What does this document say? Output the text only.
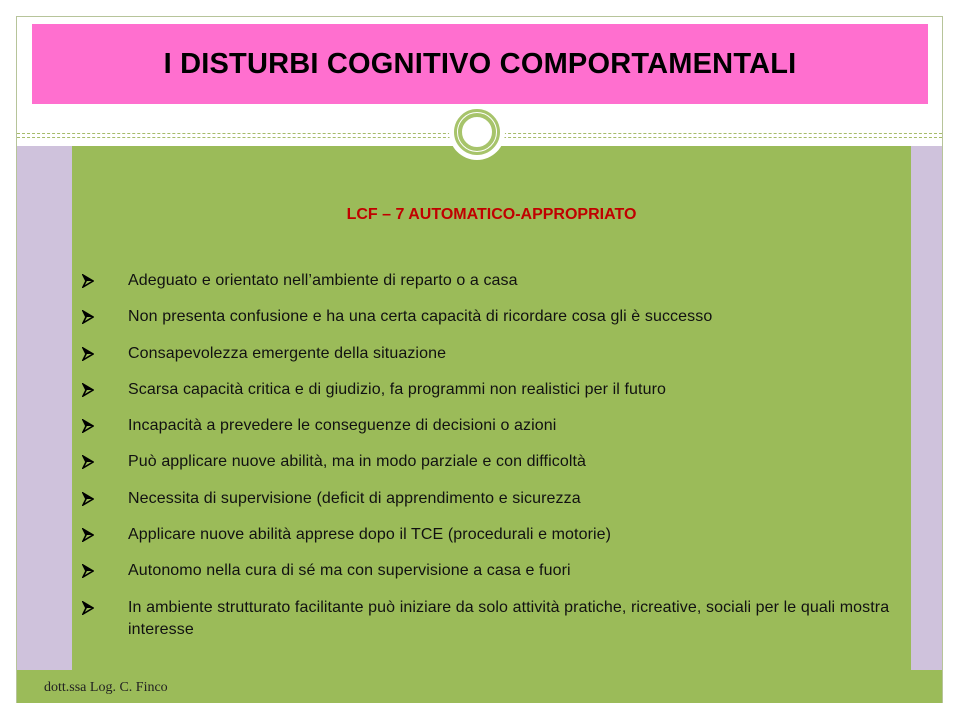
I DISTURBI COGNITIVO COMPORTAMENTALI
LCF – 7 AUTOMATICO-APPROPRIATO
Adeguato e orientato nell’ambiente di reparto o a casa
Non presenta confusione e ha una certa capacità di ricordare cosa gli è successo
Consapevolezza emergente della situazione
Scarsa capacità critica e di giudizio, fa programmi non realistici per il futuro
Incapacità a prevedere le conseguenze di decisioni o azioni
Può applicare nuove abilità, ma in modo parziale e con difficoltà
Necessita di supervisione (deficit di apprendimento e sicurezza
Applicare nuove abilità apprese dopo il TCE (procedurali e motorie)
Autonomo nella cura di sé ma con supervisione a casa e fuori
In ambiente strutturato facilitante può iniziare da solo attività pratiche, ricreative, sociali per le quali mostra interesse
dott.ssa Log. C. Finco
